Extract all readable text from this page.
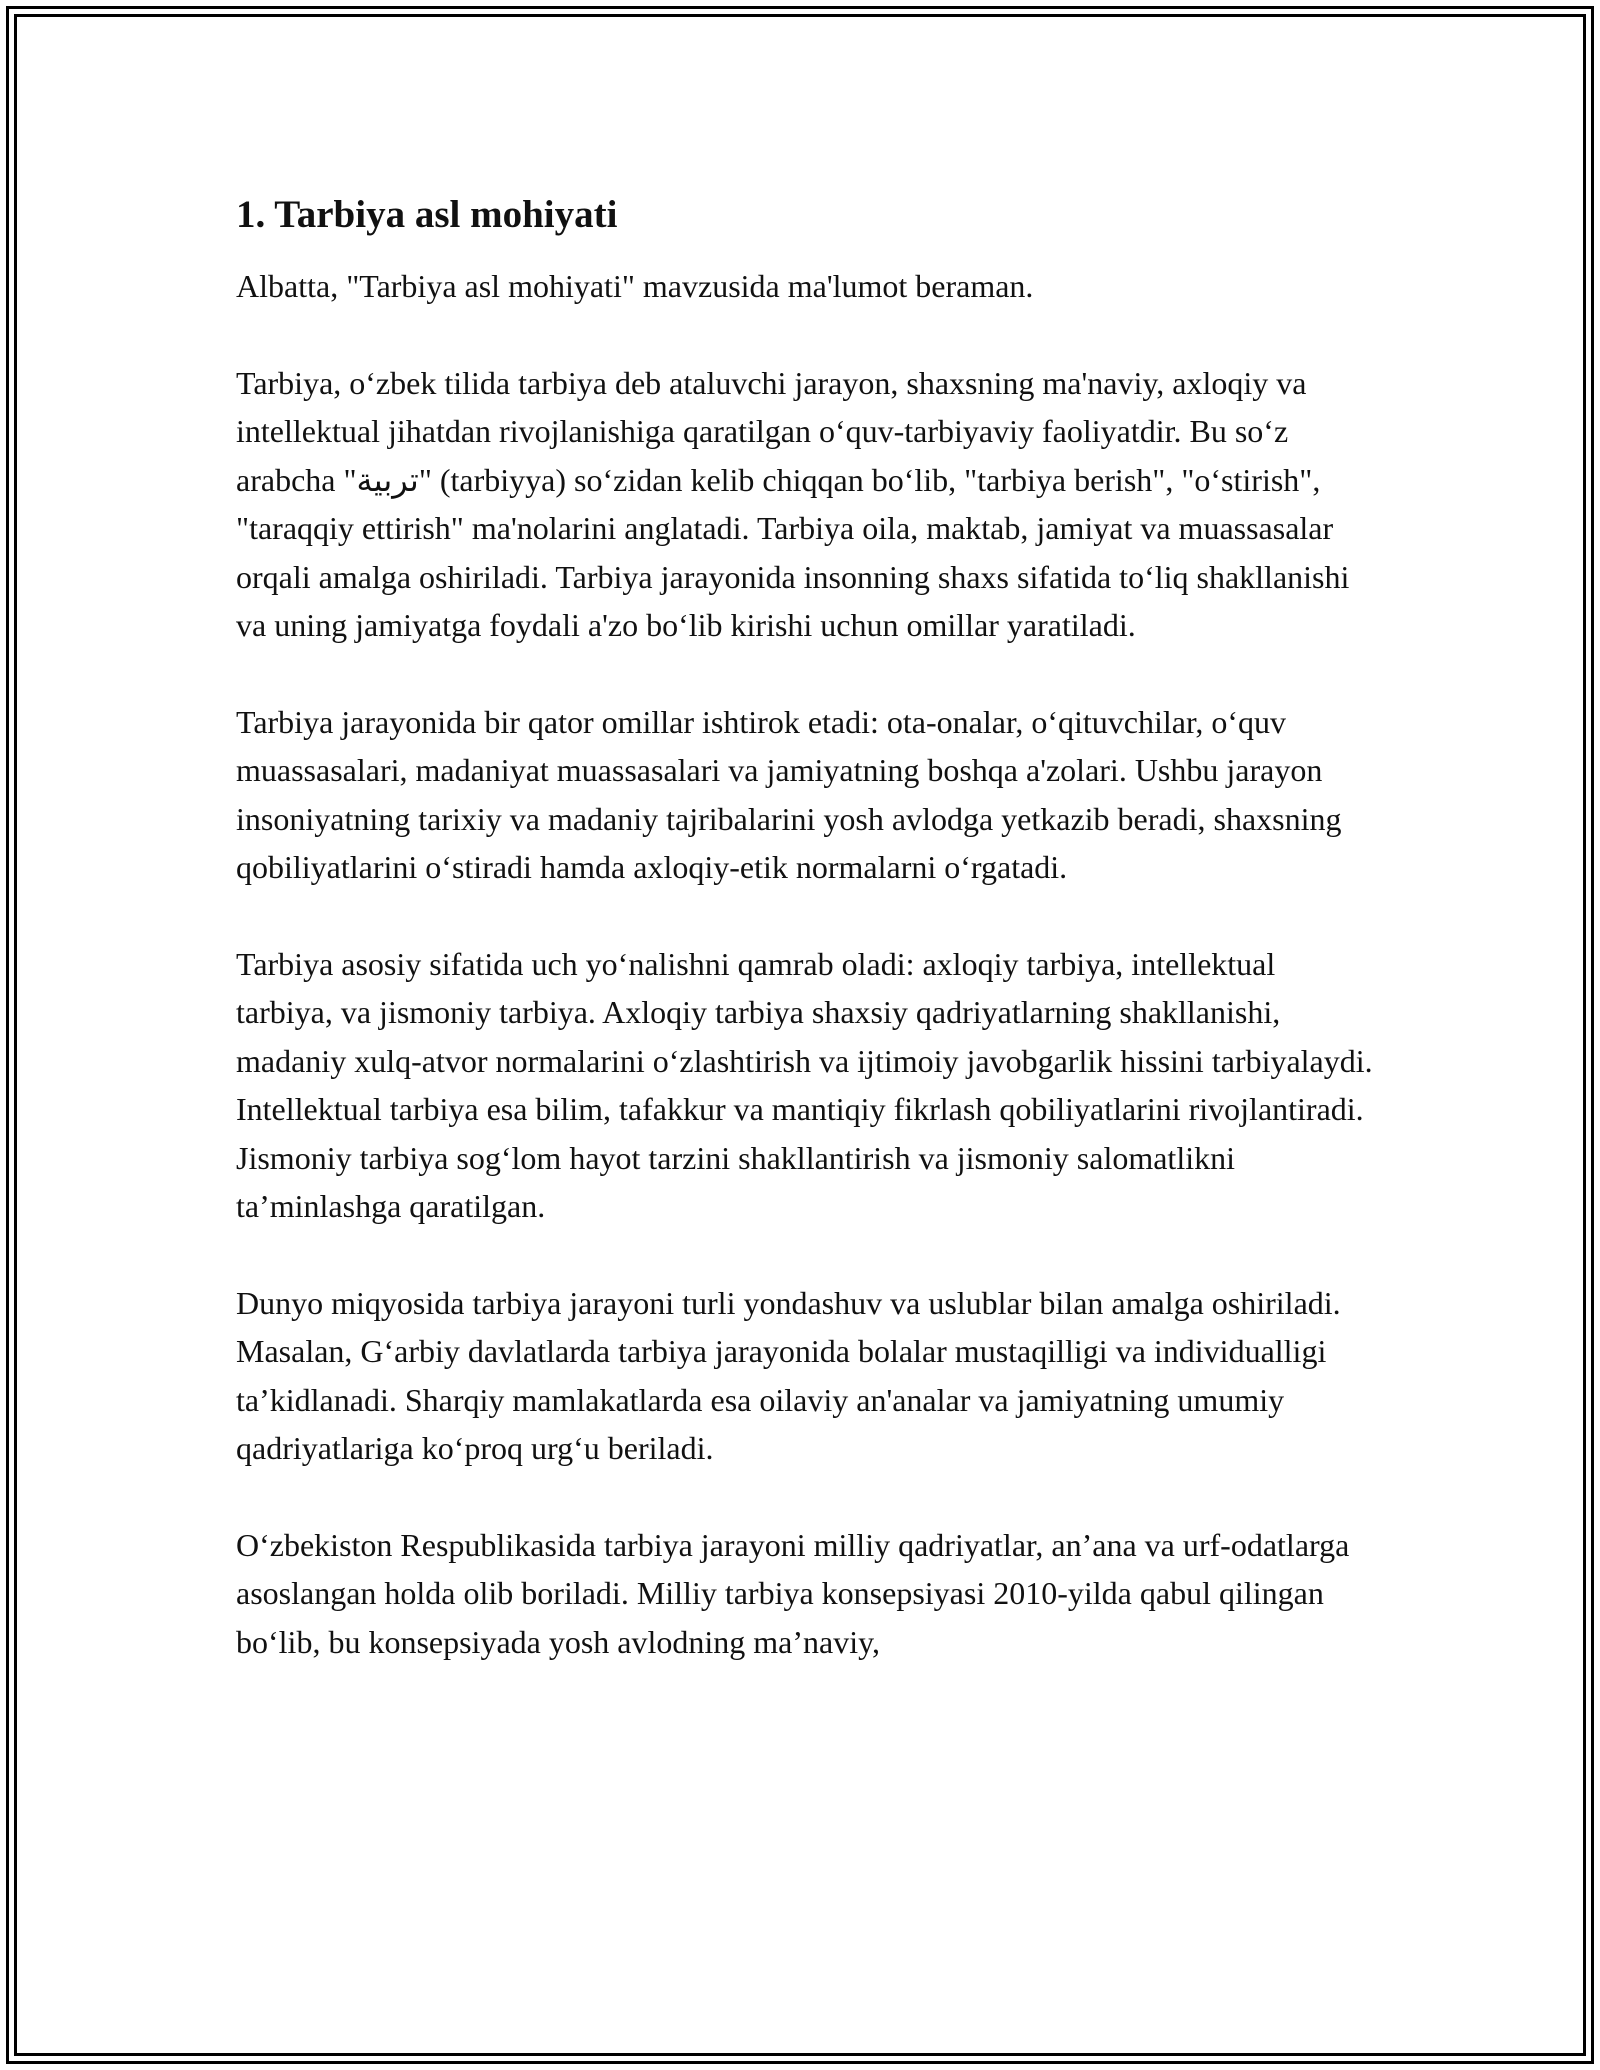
1. Tarbiya asl mohiyati

Albatta, "Tarbiya asl mohiyati" mavzusida ma'lumot beraman.

Tarbiya, o‘zbek tilida tarbiya deb ataluvchi jarayon, shaxsning ma'naviy, axloqiy va intellektual jihatdan rivojlanishiga qaratilgan o‘quv-tarbiyaviy faoliyatdir. Bu so‘z arabcha "تربية" (tarbiyya) so‘zidan kelib chiqqan bo‘lib, "tarbiya berish", "o‘stirish", "taraqqiy ettirish" ma'nolarini anglatadi. Tarbiya oila, maktab, jamiyat va muassasalar orqali amalga oshiriladi. Tarbiya jarayonida insonning shaxs sifatida to‘liq shakllanishi va uning jamiyatga foydali a'zo bo‘lib kirishi uchun omillar yaratiladi.

Tarbiya jarayonida bir qator omillar ishtirok etadi: ota-onalar, o‘qituvchilar, o‘quv muassasalari, madaniyat muassasalari va jamiyatning boshqa a'zolari. Ushbu jarayon insoniyatning tarixiy va madaniy tajribalarini yosh avlodga yetkazib beradi, shaxsning qobiliyatlarini o‘stiradi hamda axloqiy-etik normalarni o‘rgatadi.

Tarbiya asosiy sifatida uch yo‘nalishni qamrab oladi: axloqiy tarbiya, intellektual tarbiya, va jismoniy tarbiya. Axloqiy tarbiya shaxsiy qadriyatlarning shakllanishi, madaniy xulq-atvor normalarini o‘zlashtirish va ijtimoiy javobgarlik hissini tarbiyalaydi. Intellektual tarbiya esa bilim, tafakkur va mantiqiy fikrlash qobiliyatlarini rivojlantiradi. Jismoniy tarbiya sog‘lom hayot tarzini shakllantirish va jismoniy salomatlikni ta’minlashga qaratilgan.

Dunyo miqyosida tarbiya jarayoni turli yondashuv va uslublar bilan amalga oshiriladi. Masalan, G‘arbiy davlatlarda tarbiya jarayonida bolalar mustaqilligi va individualligi ta’kidlanadi. Sharqiy mamlakatlarda esa oilaviy an'analar va jamiyatning umumiy qadriyatlariga ko‘proq urg‘u beriladi.

O‘zbekiston Respublikasida tarbiya jarayoni milliy qadriyatlar, an’ana va urf-odatlarga asoslangan holda olib boriladi. Milliy tarbiya konsepsiyasi 2010-yilda qabul qilingan bo‘lib, bu konsepsiyada yosh avlodning ma’naviy,
